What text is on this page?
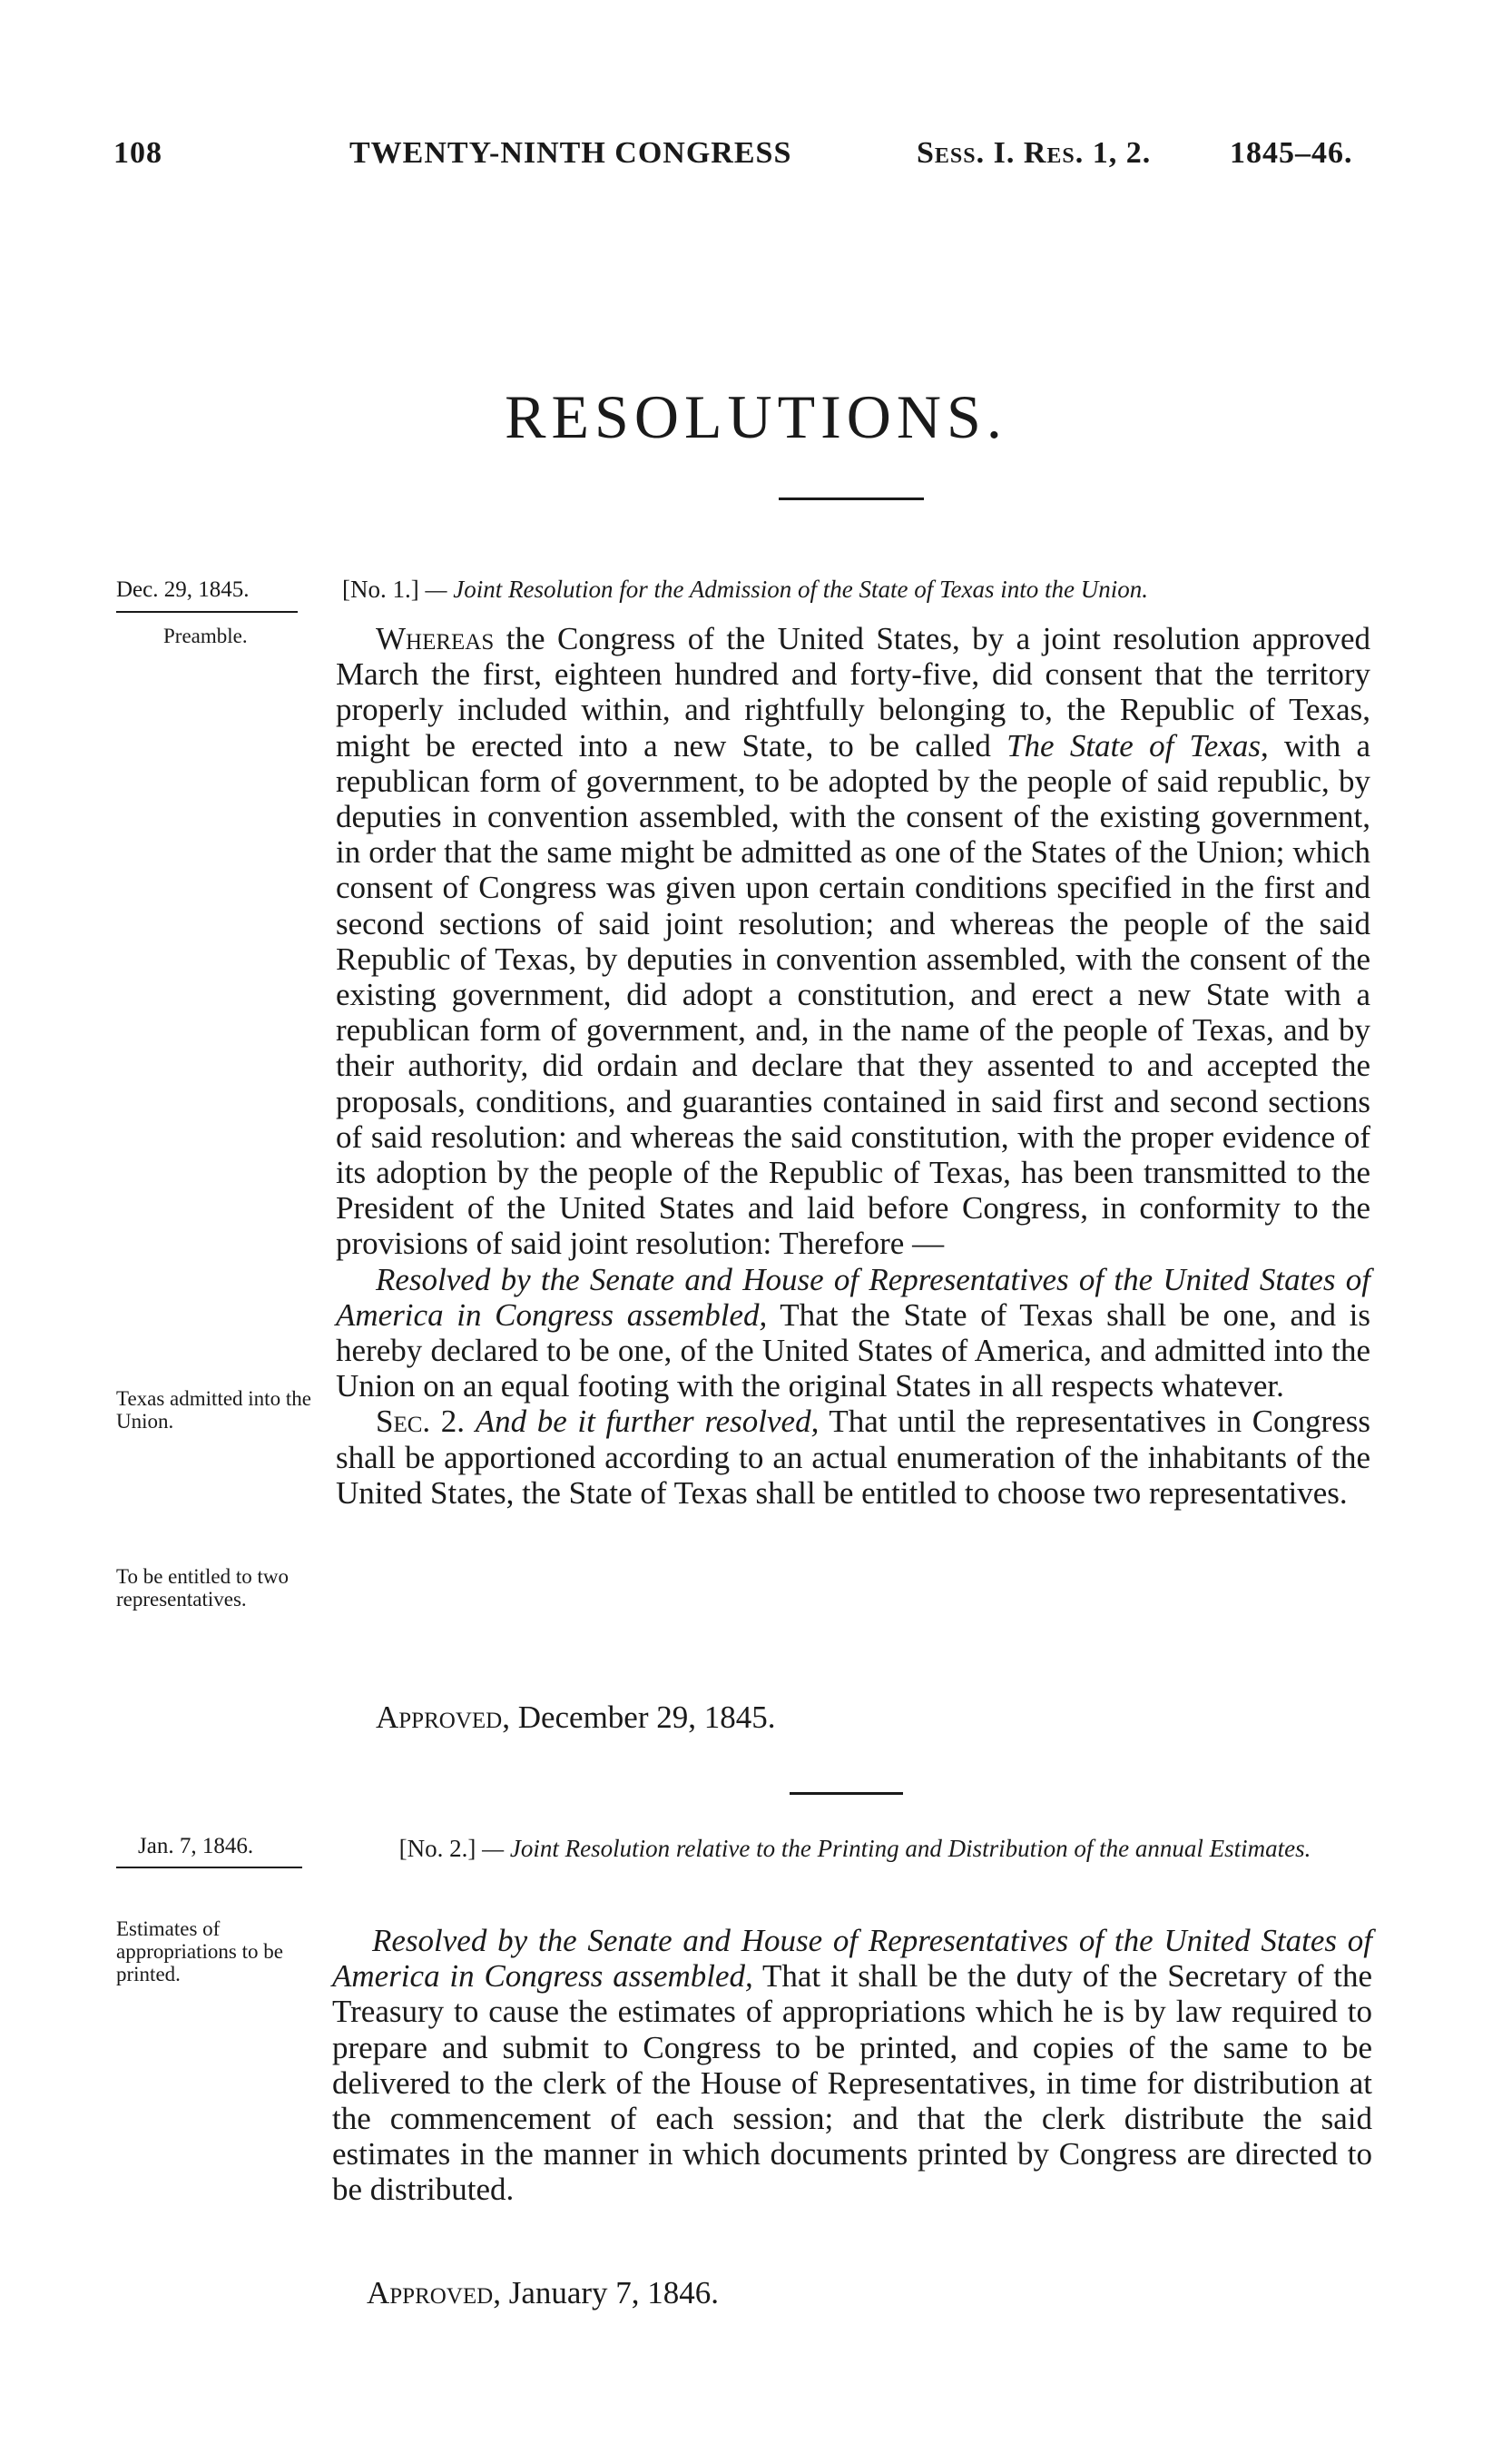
108	TWENTY-NINTH CONGRESS	Sess. I. Res. 1, 2.	1845–46.
RESOLUTIONS.
Dec. 29, 1845.	[No. 1.] — Joint Resolution for the Admission of the State of Texas into the Union.
Preamble.
Texas admitted into the Union.
To be entitled to two representatives.

Whereas the Congress of the United States, by a joint resolution approved March the first, eighteen hundred and forty-five, did consent that the territory properly included within, and rightfully belonging to, the Republic of Texas, might be erected into a new State, to be called The State of Texas, with a republican form of government, to be adopted by the people of said republic, by deputies in convention assembled, with the consent of the existing government, in order that the same might be admitted as one of the States of the Union; which consent of Congress was given upon certain conditions specified in the first and second sections of said joint resolution; and whereas the people of the said Republic of Texas, by deputies in convention assembled, with the consent of the existing government, did adopt a constitution, and erect a new State with a republican form of government, and, in the name of the people of Texas, and by their authority, did ordain and declare that they assented to and accepted the proposals, conditions, and guaranties contained in said first and second sections of said resolution: and whereas the said constitution, with the proper evidence of its adoption by the people of the Republic of Texas, has been transmitted to the President of the United States and laid before Congress, in conformity to the provisions of said joint resolution: Therefore —

Resolved by the Senate and House of Representatives of the United States of America in Congress assembled, That the State of Texas shall be one, and is hereby declared to be one, of the United States of America, and admitted into the Union on an equal footing with the original States in all respects whatever.

Sec. 2. And be it further resolved, That until the representatives in Congress shall be apportioned according to an actual enumeration of the inhabitants of the United States, the State of Texas shall be entitled to choose two representatives.

Approved, December 29, 1845.
Jan. 7, 1846.	[No. 2.] — Joint Resolution relative to the Printing and Distribution of the annual Estimates.
Estimates of appropriations to be printed.

Resolved by the Senate and House of Representatives of the United States of America in Congress assembled, That it shall be the duty of the Secretary of the Treasury to cause the estimates of appropriations which he is by law required to prepare and submit to Congress to be printed, and copies of the same to be delivered to the clerk of the House of Representatives, in time for distribution at the commencement of each session; and that the clerk distribute the said estimates in the manner in which documents printed by Congress are directed to be distributed.

Approved, January 7, 1846.
